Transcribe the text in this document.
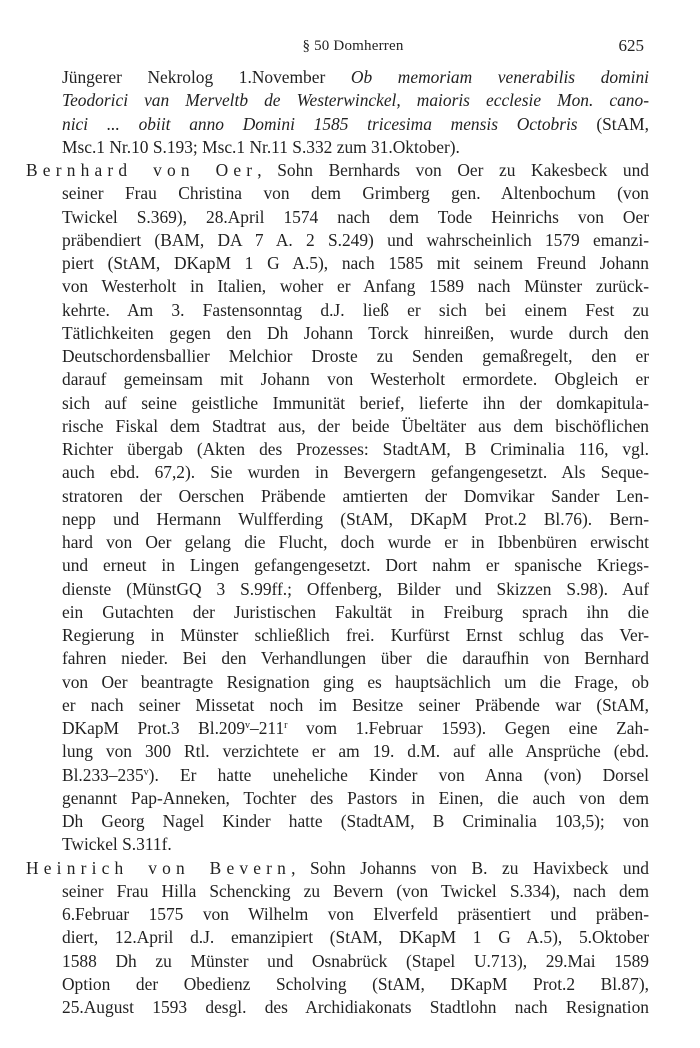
§ 50 Domherren	625
Jüngerer Nekrolog 1.November Ob memoriam venerabilis domini
Teodorici van Merveltb de Westerwinckel, maioris ecclesie Mon. cano-
nici ... obiit anno Domini 1585 tricesima mensis Octobris (StAM,
Msc.1 Nr.10 S.193; Msc.1 Nr.11 S.332 zum 31.Oktober).
Bernhard von Oer, Sohn Bernhards von Oer zu Kakesbeck und
seiner Frau Christina von dem Grimberg gen. Altenbochum (von
Twickel S.369), 28.April 1574 nach dem Tode Heinrichs von Oer
präbendiert (BAM, DA 7 A. 2 S.249) und wahrscheinlich 1579 emanzi-
piert (StAM, DKapM 1 G A.5), nach 1585 mit seinem Freund Johann
von Westerholt in Italien, woher er Anfang 1589 nach Münster zurück-
kehrte. Am 3. Fastensonntag d.J. ließ er sich bei einem Fest zu
Tätlichkeiten gegen den Dh Johann Torck hinreißen, wurde durch den
Deutschordensballier Melchior Droste zu Senden gemaßregelt, den er
darauf gemeinsam mit Johann von Westerholt ermordete. Obgleich er
sich auf seine geistliche Immunität berief, lieferte ihn der domkapitula-
rische Fiskal dem Stadtrat aus, der beide Übeltäter aus dem bischöflichen
Richter übergab (Akten des Prozesses: StadtAM, B Criminalia 116, vgl.
auch ebd. 67,2). Sie wurden in Bevergern gefangengesetzt. Als Seque-
stratoren der Oerschen Präbende amtierten der Domvikar Sander Len-
nepp und Hermann Wulfferding (StAM, DKapM Prot.2 Bl.76). Bern-
hard von Oer gelang die Flucht, doch wurde er in Ibbenbüren erwischt
und erneut in Lingen gefangengesetzt. Dort nahm er spanische Kriegs-
dienste (MünstGQ 3 S.99ff.; Offenberg, Bilder und Skizzen S.98). Auf
ein Gutachten der Juristischen Fakultät in Freiburg sprach ihn die
Regierung in Münster schließlich frei. Kurfürst Ernst schlug das Ver-
fahren nieder. Bei den Verhandlungen über die daraufhin von Bernhard
von Oer beantragte Resignation ging es hauptsächlich um die Frage, ob
er nach seiner Missetat noch im Besitze seiner Präbende war (StAM,
DKapM Prot.3 Bl.209$^v$–211$^r$ vom 1.Februar 1593). Gegen eine Zah-
lung von 300 Rtl. verzichtete er am 19. d.M. auf alle Ansprüche (ebd.
Bl.233–235$^v$). Er hatte uneheliche Kinder von Anna (von) Dorsel
genannt Pap-Anneken, Tochter des Pastors in Einen, die auch von dem
Dh Georg Nagel Kinder hatte (StadtAM, B Criminalia 103,5); von
Twickel S.311f.
Heinrich von Bevern, Sohn Johanns von B. zu Havixbeck und
seiner Frau Hilla Schencking zu Bevern (von Twickel S.334), nach dem
6.Februar 1575 von Wilhelm von Elverfeld präsentiert und präben-
diert, 12.April d.J. emanzipiert (StAM, DKapM 1 G A.5), 5.Oktober
1588 Dh zu Münster und Osnabrück (Stapel U.713), 29.Mai 1589
Option der Obedienz Scholving (StAM, DKapM Prot.2 Bl.87),
25.August 1593 desgl. des Archidiakonats Stadtlohn nach Resignation
